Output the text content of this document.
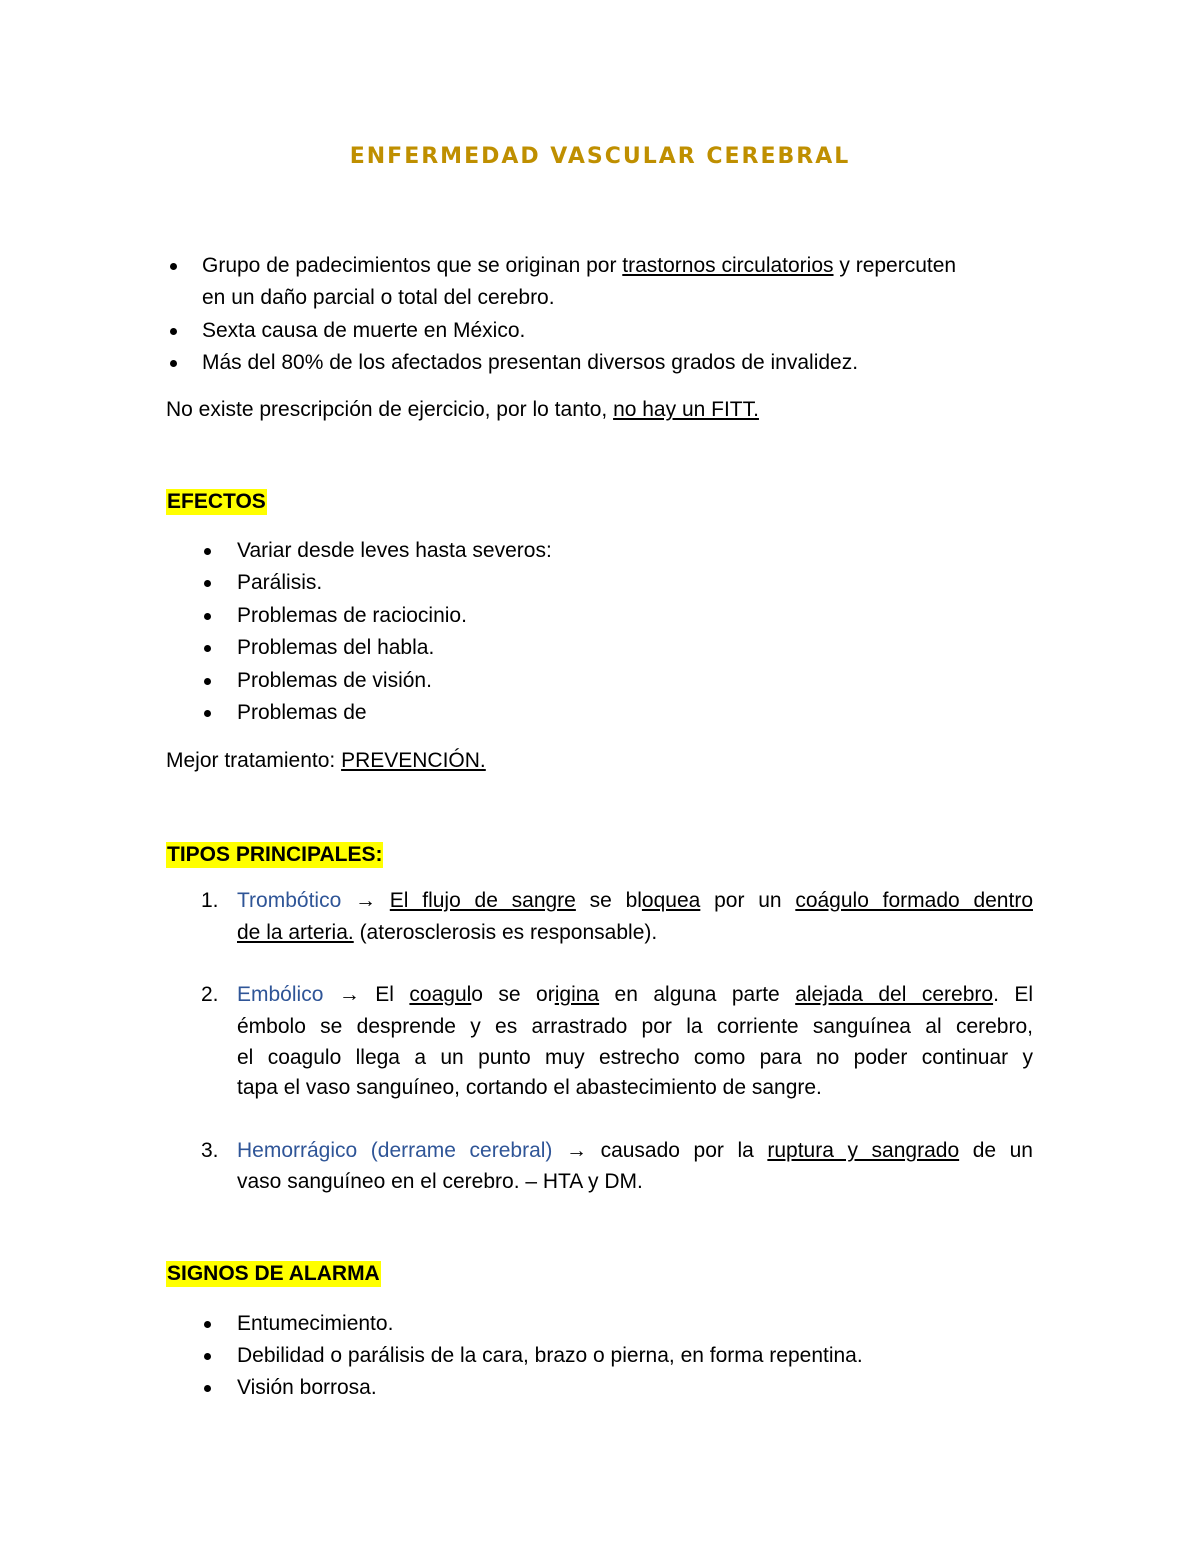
ENFERMEDAD VASCULAR CEREBRAL
Grupo de padecimientos que se originan por trastornos circulatorios y repercuten
en un daño parcial o total del cerebro.
Sexta causa de muerte en México.
Más del 80% de los afectados presentan diversos grados de invalidez.
No existe prescripción de ejercicio, por lo tanto, no hay un FITT.
EFECTOS
Variar desde leves hasta severos:
Parálisis.
Problemas de raciocinio.
Problemas del habla.
Problemas de visión.
Problemas de
Mejor tratamiento: PREVENCIÓN.
TIPOS PRINCIPALES:
1. Trombótico → El flujo de sangre se bloquea por un coágulo formado dentro
de la arteria. (aterosclerosis es responsable).
2. Embólico → El coagulo se origina en alguna parte alejada del cerebro. El
émbolo se desprende y es arrastrado por la corriente sanguínea al cerebro,
el coagulo llega a un punto muy estrecho como para no poder continuar y
tapa el vaso sanguíneo, cortando el abastecimiento de sangre.
3. Hemorrágico (derrame cerebral) → causado por la ruptura y sangrado de un
vaso sanguíneo en el cerebro. – HTA y DM.
SIGNOS DE ALARMA
Entumecimiento.
Debilidad o parálisis de la cara, brazo o pierna, en forma repentina.
Visión borrosa.
